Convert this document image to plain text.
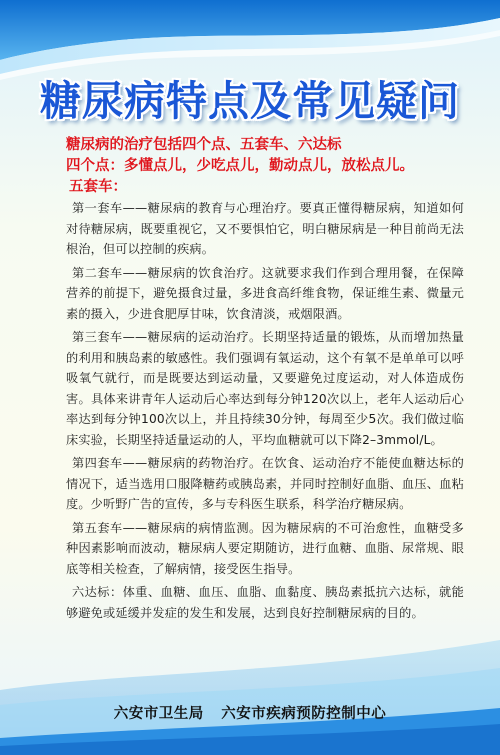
糖尿病特点及常见疑问
糖尿病的治疗包括四个点、五套车、六达标
四个点：多懂点儿，少吃点儿，勤动点儿，放松点儿。
五套车：

第一套车——糖尿病的教育与心理治疗。要真正懂得糖尿病，知道如何对待糖尿病，既要重视它，又不要惧怕它，明白糖尿病是一种目前尚无法根治，但可以控制的疾病。

第二套车——糖尿病的饮食治疗。这就要求我们作到合理用餐，在保障营养的前提下，避免摄食过量，多进食高纤维食物，保证维生素、微量元素的摄入，少进食肥厚甘味，饮食清淡，戒烟限酒。

第三套车——糖尿病的运动治疗。长期坚持适量的锻炼，从而增加热量的利用和胰岛素的敏感性。我们强调有氧运动，这个有氧不是单单可以呼吸氧气就行，而是既要达到运动量，又要避免过度运动，对人体造成伤害。具体来讲青年人运动后心率达到每分钟120次以上，老年人运动后心率达到每分钟100次以上，并且持续30分钟，每周至少5次。我们做过临床实验，长期坚持适量运动的人，平均血糖就可以下降2–3mmol/L。

第四套车——糖尿病的药物治疗。在饮食、运动治疗不能使血糖达标的情况下，适当选用口服降糖药或胰岛素，并同时控制好血脂、血压、血粘度。少听野广告的宣传，多与专科医生联系，科学治疗糖尿病。

第五套车——糖尿病的病情监测。因为糖尿病的不可治愈性，血糖受多种因素影响而波动，糖尿病人要定期随访，进行血糖、血脂、尿常规、眼底等相关检查，了解病情，接受医生指导。

六达标：体重、血糖、血压、血脂、血黏度、胰岛素抵抗六达标，就能够避免或延缓并发症的发生和发展，达到良好控制糖尿病的目的。

六安市卫生局 六安市疾病预防控制中心
